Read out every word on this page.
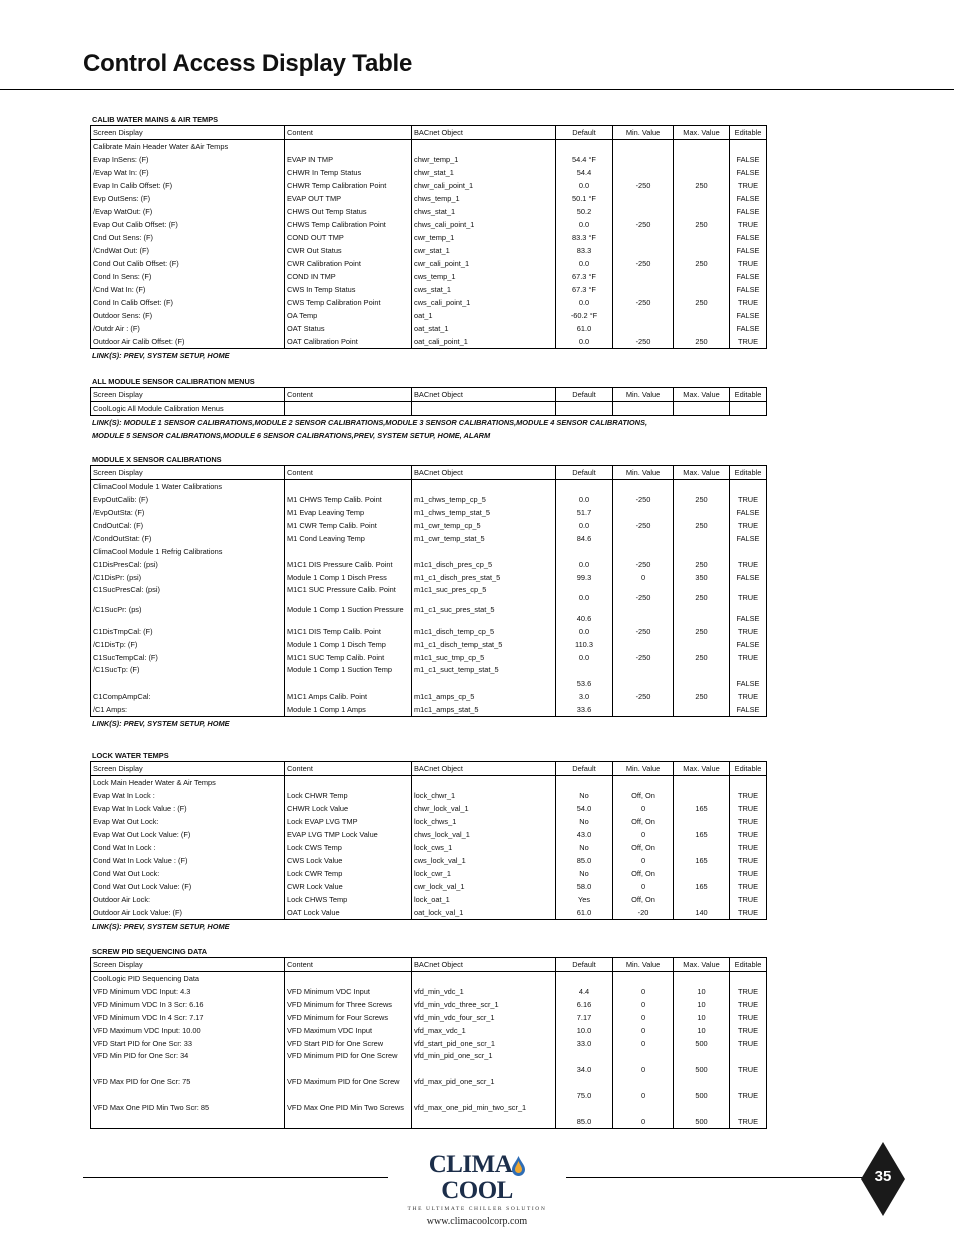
Control Access Display Table
CALIB WATER MAINS & AIR TEMPS
Screen Display	Content	BACnet Object	Default	Min. Value	Max. Value	Editable
Calibrate Main Header Water &Air Temps						
Evap InSens: (F)	EVAP IN TMP	chwr_temp_1	54.4 °F			FALSE
/Evap Wat In: (F)	CHWR In Temp Status	chwr_stat_1	54.4			FALSE
Evap In Calib Offset: (F)	CHWR Temp Calibration Point	chwr_cali_point_1	0.0	-250	250	TRUE
Evp OutSens: (F)	EVAP OUT TMP	chws_temp_1	50.1 °F			FALSE
/Evap WatOut: (F)	CHWS Out Temp Status	chws_stat_1	50.2			FALSE
Evap Out Calib Offset: (F)	CHWS Temp Calibration Point	chws_cali_point_1	0.0	-250	250	TRUE
Cnd Out Sens: (F)	COND OUT TMP	cwr_temp_1	83.3 °F			FALSE
/CndWat Out: (F)	CWR Out Status	cwr_stat_1	83.3			FALSE
Cond Out Calib Offset: (F)	CWR Calibration Point	cwr_cali_point_1	0.0	-250	250	TRUE
Cond In Sens: (F)	COND IN TMP	cws_temp_1	67.3 °F			FALSE
/Cnd Wat In: (F)	CWS In Temp Status	cws_stat_1	67.3 °F			FALSE
Cond In Calib Offset: (F)	CWS Temp Calibration Point	cws_cali_point_1	0.0	-250	250	TRUE
Outdoor Sens: (F)	OA Temp	oat_1	-60.2 °F			FALSE
/Outdr Air : (F)	OAT Status	oat_stat_1	61.0			FALSE
Outdoor Air Calib Offset: (F)	OAT Calibration Point	oat_cali_point_1	0.0	-250	250	TRUE
LINK(S): PREV, SYSTEM SETUP, HOME
ALL MODULE SENSOR CALIBRATION MENUS
Screen Display	Content	BACnet Object	Default	Min. Value	Max. Value	Editable
CoolLogic All Module Calibration Menus						
LINK(S): MODULE 1 SENSOR CALIBRATIONS,MODULE 2 SENSOR CALIBRATIONS,MODULE 3 SENSOR CALIBRATIONS,MODULE 4 SENSOR CALIBRATIONS,
MODULE 5 SENSOR CALIBRATIONS,MODULE 6 SENSOR CALIBRATIONS,PREV, SYSTEM SETUP, HOME, ALARM
MODULE X SENSOR CALIBRATIONS
Screen Display	Content	BACnet Object	Default	Min. Value	Max. Value	Editable
ClimaCool Module 1 Water Calibrations						
EvpOutCalib: (F)	M1 CHWS Temp Calib. Point	m1_chws_temp_cp_5	0.0	-250	250	TRUE
/EvpOutSta: (F)	M1 Evap Leaving Temp	m1_chws_temp_stat_5	51.7			FALSE
CndOutCal: (F)	M1 CWR Temp Calib. Point	m1_cwr_temp_cp_5	0.0	-250	250	TRUE
/CondOutStat: (F)	M1 Cond Leaving Temp	m1_cwr_temp_stat_5	84.6			FALSE
ClimaCool Module 1 Refrig Calibrations						
C1DisPresCal: (psi)	M1C1 DIS Pressure Calib. Point	m1c1_disch_pres_cp_5	0.0	-250	250	TRUE
/C1DisPr: (psi)	Module 1 Comp 1 Disch Press	m1_c1_disch_pres_stat_5	99.3	0	350	FALSE
C1SucPresCal: (psi)	M1C1 SUC Pressure Calib. Point	m1c1_suc_pres_cp_5	0.0	-250	250	TRUE
/C1SucPr: (ps)	Module 1 Comp 1 Suction Pressure	m1_c1_suc_pres_stat_5	40.6			FALSE
C1DisTmpCal: (F)	M1C1 DIS Temp Calib. Point	m1c1_disch_temp_cp_5	0.0	-250	250	TRUE
/C1DisTp: (F)	Module 1 Comp 1 Disch Temp	m1_c1_disch_temp_stat_5	110.3			FALSE
C1SucTempCal: (F)	M1C1 SUC Temp Calib. Point	m1c1_suc_tmp_cp_5	0.0	-250	250	TRUE
/C1SucTp: (F)	Module 1 Comp 1 Suction Temp	m1_c1_suct_temp_stat_5	53.6			FALSE
C1CompAmpCal:	M1C1 Amps Calib. Point	m1c1_amps_cp_5	3.0	-250	250	TRUE
/C1 Amps:	Module 1 Comp 1 Amps	m1c1_amps_stat_5	33.6			FALSE
LINK(S): PREV, SYSTEM SETUP, HOME
LOCK WATER TEMPS
Screen Display	Content	BACnet Object	Default	Min. Value	Max. Value	Editable
Lock Main Header Water & Air Temps						
Evap Wat In Lock :	Lock CHWR Temp	lock_chwr_1	No	Off, On		TRUE
Evap Wat In Lock Value : (F)	CHWR Lock Value	chwr_lock_val_1	54.0	0	165	TRUE
Evap Wat Out Lock:	Lock EVAP LVG TMP	lock_chws_1	No	Off, On		TRUE
Evap Wat Out Lock Value: (F)	EVAP LVG TMP Lock Value	chws_lock_val_1	43.0	0	165	TRUE
Cond Wat In Lock :	Lock CWS Temp	lock_cws_1	No	Off, On		TRUE
Cond Wat In Lock Value : (F)	CWS Lock Value	cws_lock_val_1	85.0	0	165	TRUE
Cond Wat Out Lock:	Lock CWR Temp	lock_cwr_1	No	Off, On		TRUE
Cond Wat Out Lock Value: (F)	CWR Lock Value	cwr_lock_val_1	58.0	0	165	TRUE
Outdoor Air Lock:	Lock CHWS Temp	lock_oat_1	Yes	Off, On		TRUE
Outdoor Air Lock Value: (F)	OAT Lock Value	oat_lock_val_1	61.0	-20	140	TRUE
LINK(S): PREV, SYSTEM SETUP, HOME
SCREW PID SEQUENCING DATA
Screen Display	Content	BACnet Object	Default	Min. Value	Max. Value	Editable
CoolLogic PID Sequencing Data						
VFD Minimum VDC Input: 4.3	VFD Minimum VDC Input	vfd_min_vdc_1	4.4	0	10	TRUE
VFD Minimum VDC In 3 Scr: 6.16	VFD Minimum for Three Screws	vfd_min_vdc_three_scr_1	6.16	0	10	TRUE
VFD Minimum VDC In 4 Scr: 7.17	VFD Minimum for Four Screws	vfd_min_vdc_four_scr_1	7.17	0	10	TRUE
VFD Maximum VDC Input: 10.00	VFD Maximum VDC Input	vfd_max_vdc_1	10.0	0	10	TRUE
VFD Start PID for One Scr: 33	VFD Start PID for One Screw	vfd_start_pid_one_scr_1	33.0	0	500	TRUE
VFD Min PID for One Scr: 34	VFD Minimum PID for One Screw	vfd_min_pid_one_scr_1	34.0	0	500	TRUE
VFD Max PID for One Scr: 75	VFD Maximum PID for One Screw	vfd_max_pid_one_scr_1	75.0	0	500	TRUE
VFD Max One PID Min Two Scr: 85	VFD Max One PID Min Two Screws	vfd_max_one_pid_min_two_scr_1	85.0	0	500	TRUE
CLIMACOOL
THE ULTIMATE CHILLER SOLUTION
www.climacoolcorp.com
35
